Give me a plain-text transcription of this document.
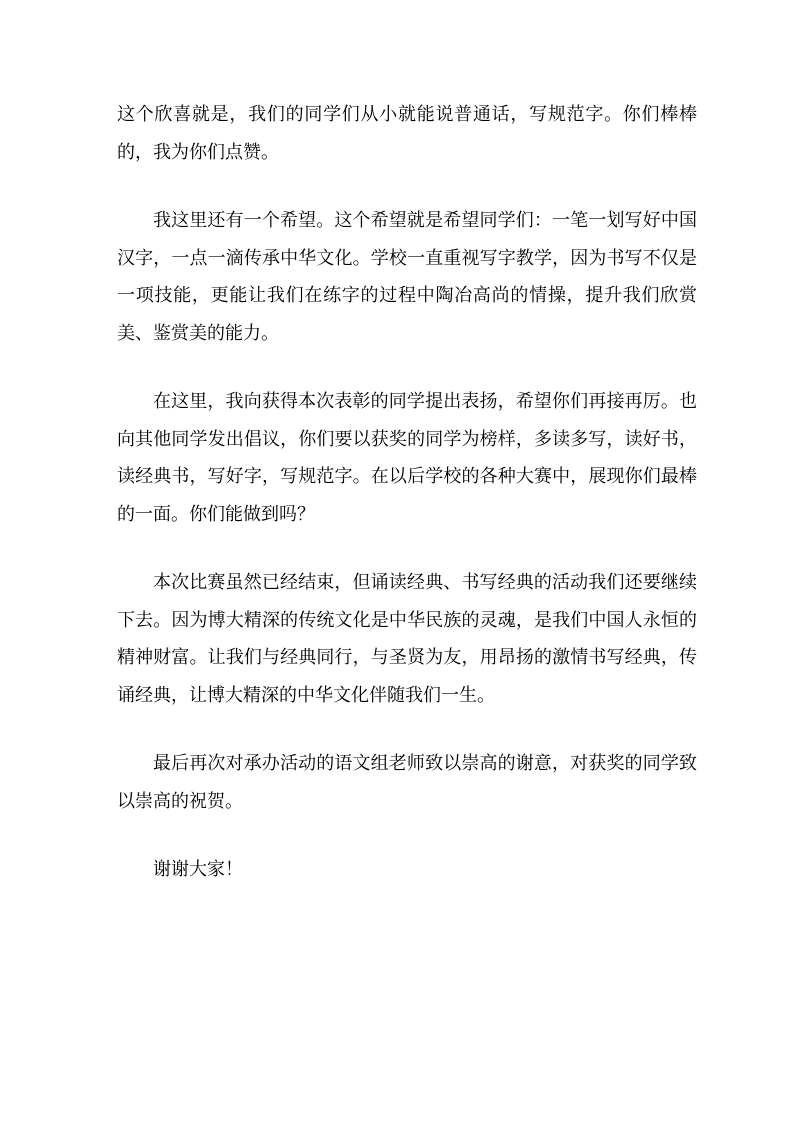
这个欣喜就是，我们的同学们从小就能说普通话，写规范字。你们棒棒的，我为你们点赞。

我这里还有一个希望。这个希望就是希望同学们：一笔一划写好中国汉字，一点一滴传承中华文化。学校一直重视写字教学，因为书写不仅是一项技能，更能让我们在练字的过程中陶冶高尚的情操，提升我们欣赏美、鉴赏美的能力。

在这里，我向获得本次表彰的同学提出表扬，希望你们再接再厉。也向其他同学发出倡议，你们要以获奖的同学为榜样，多读多写，读好书，读经典书，写好字，写规范字。在以后学校的各种大赛中，展现你们最棒的一面。你们能做到吗？

本次比赛虽然已经结束，但诵读经典、书写经典的活动我们还要继续下去。因为博大精深的传统文化是中华民族的灵魂，是我们中国人永恒的精神财富。让我们与经典同行，与圣贤为友，用昂扬的激情书写经典，传诵经典，让博大精深的中华文化伴随我们一生。

最后再次对承办活动的语文组老师致以崇高的谢意，对获奖的同学致以崇高的祝贺。

谢谢大家！
